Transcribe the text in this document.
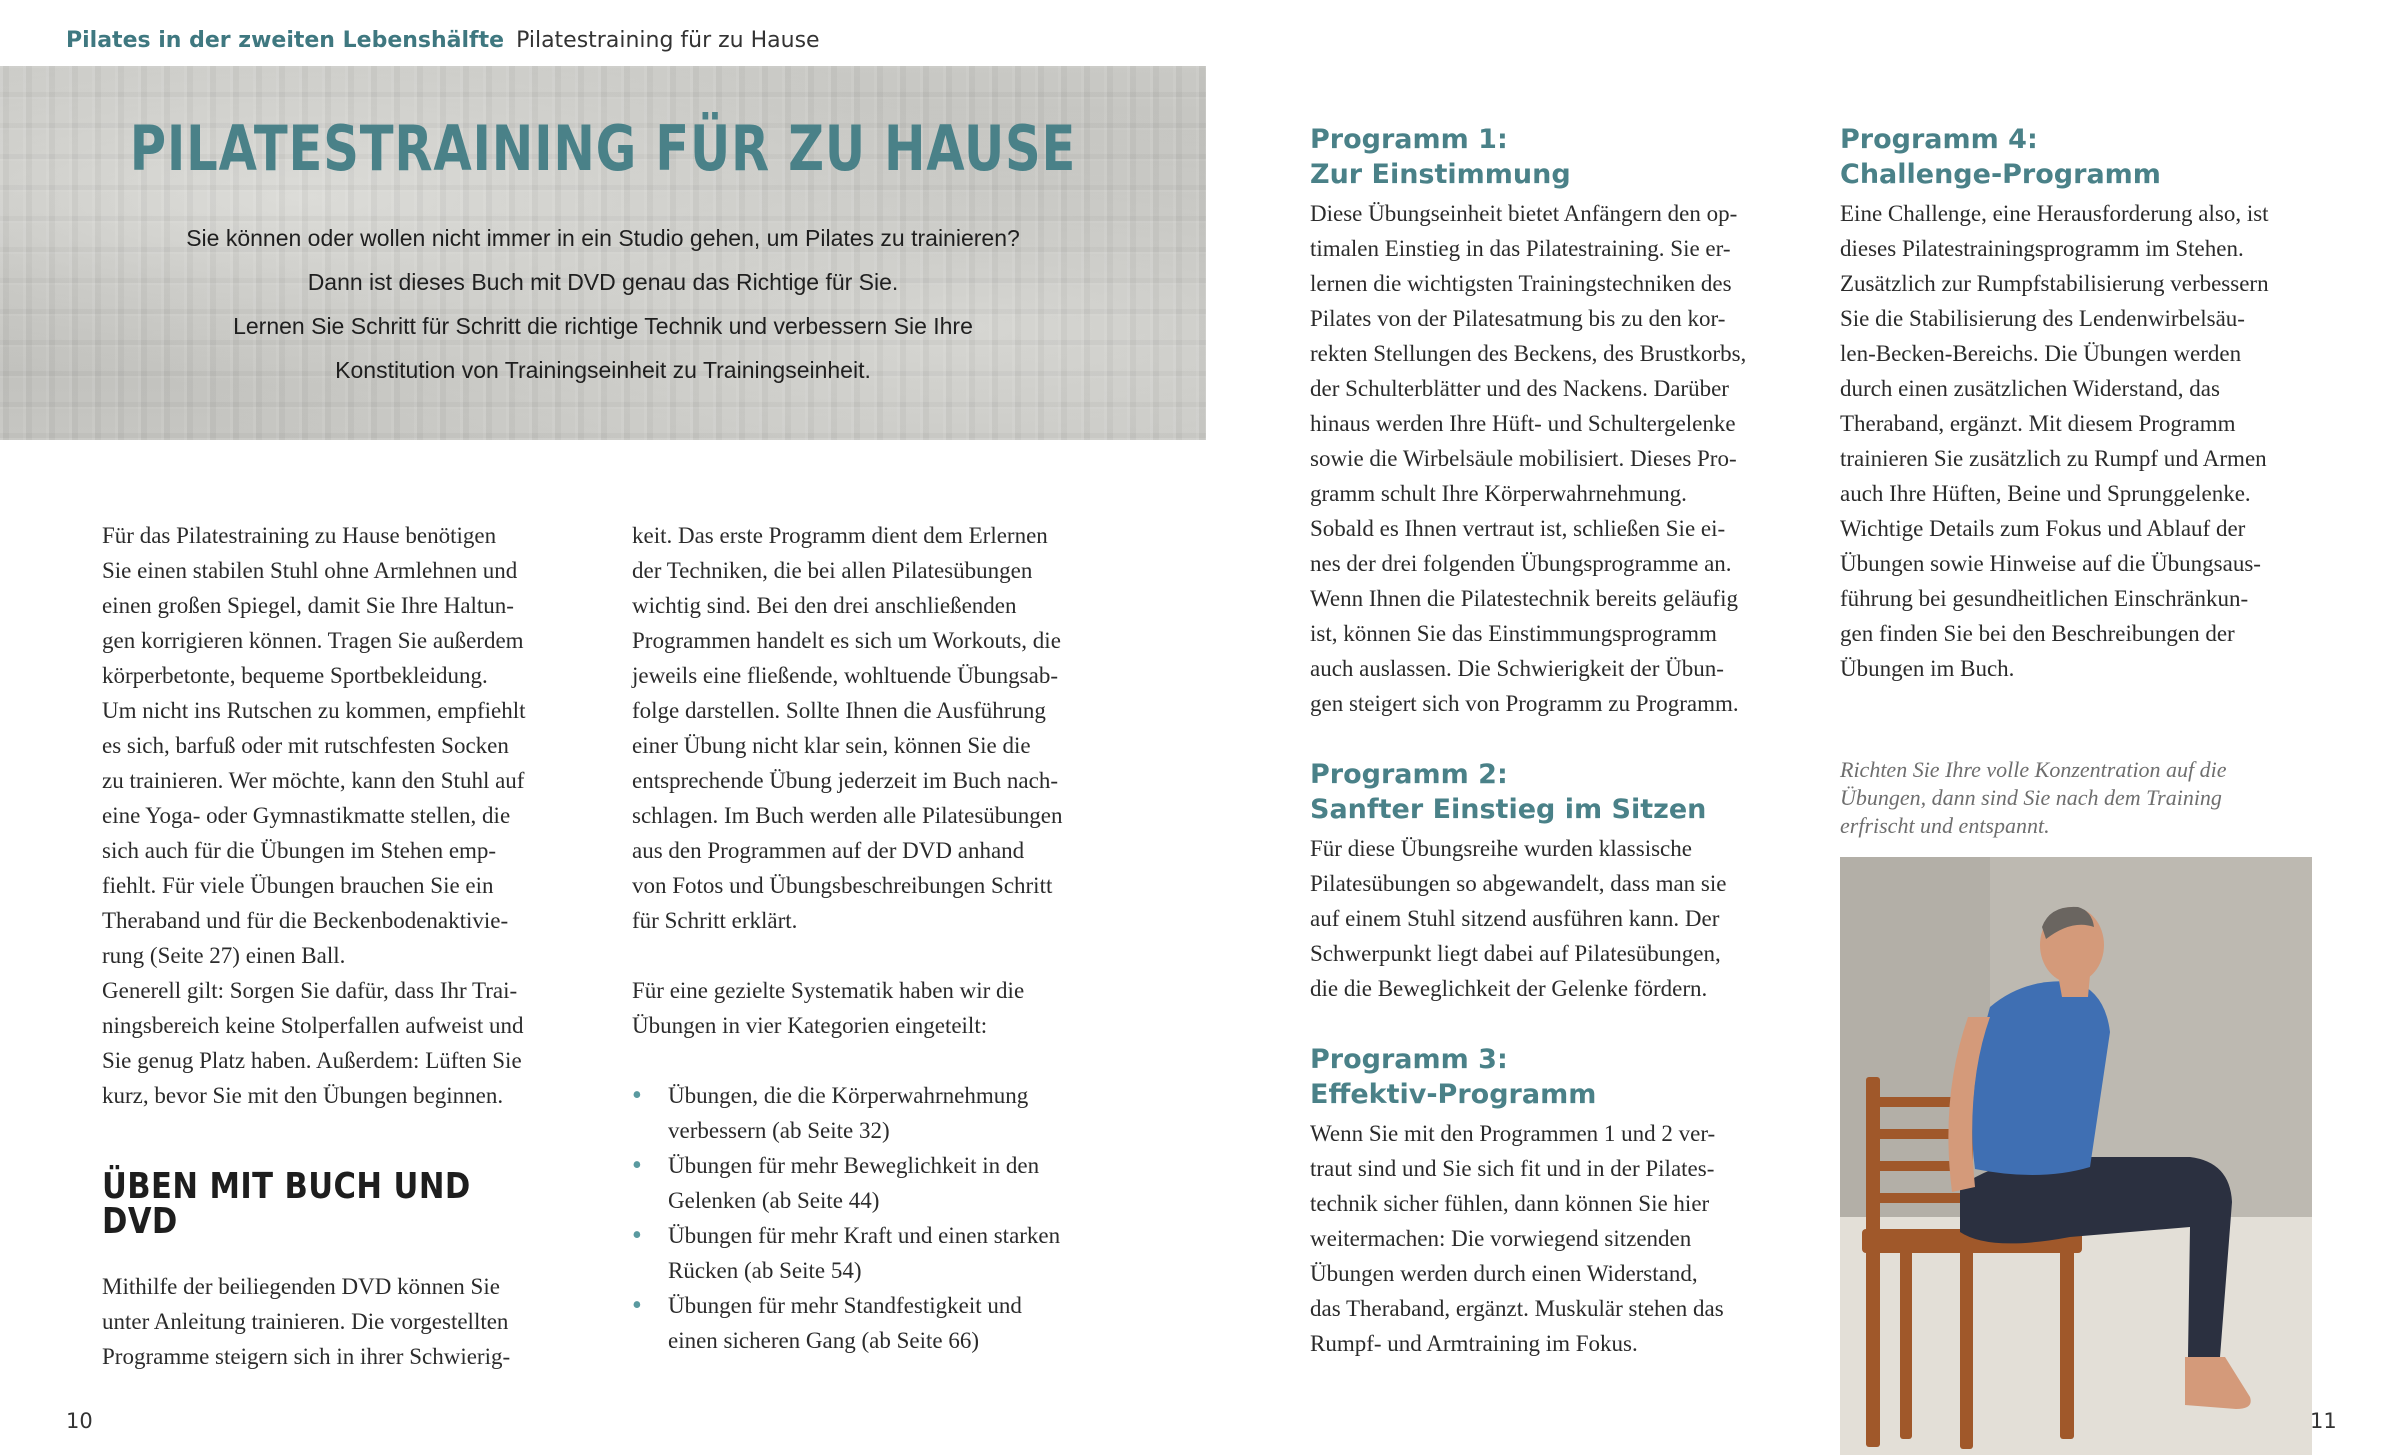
Pilates in der zweiten Lebenshälfte Pilatestraining für zu Hause
PILATESTRAINING FÜR ZU HAUSE
Sie können oder wollen nicht immer in ein Studio gehen, um Pilates zu trainieren?
Dann ist dieses Buch mit DVD genau das Richtige für Sie.
Lernen Sie Schritt für Schritt die richtige Technik und verbessern Sie Ihre
Konstitution von Trainingseinheit zu Trainingseinheit.

Für das Pilatestraining zu Hause benötigen

Sie einen stabilen Stuhl ohne Armlehnen und

einen großen Spiegel, damit Sie Ihre Haltun-

gen korrigieren können. Tragen Sie außerdem

körperbetonte, bequeme Sportbekleidung.

Um nicht ins Rutschen zu kommen, empfiehlt

es sich, barfuß oder mit rutschfesten Socken

zu trainieren. Wer möchte, kann den Stuhl auf

eine Yoga- oder Gymnastikmatte stellen, die

sich auch für die Übungen im Stehen emp-

fiehlt. Für viele Übungen brauchen Sie ein

Theraband und für die Beckenbodenaktivie-

rung (Seite 27) einen Ball.

Generell gilt: Sorgen Sie dafür, dass Ihr Trai-

ningsbereich keine Stolperfallen aufweist und

Sie genug Platz haben. Außerdem: Lüften Sie

kurz, bevor Sie mit den Übungen beginnen.

ÜBEN MIT BUCH UND DVD

Mithilfe der beiliegenden DVD können Sie

unter Anleitung trainieren. Die vorgestellten

Programme steigern sich in ihrer Schwierig-

keit. Das erste Programm dient dem Erlernen

der Techniken, die bei allen Pilatesübungen

wichtig sind. Bei den drei anschließenden

Programmen handelt es sich um Workouts, die

jeweils eine fließende, wohltuende Übungsab-

folge darstellen. Sollte Ihnen die Ausführung

einer Übung nicht klar sein, können Sie die

entsprechende Übung jederzeit im Buch nach-

schlagen. Im Buch werden alle Pilatesübungen

aus den Programmen auf der DVD anhand

von Fotos und Übungsbeschreibungen Schritt

für Schritt erklärt.

Für eine gezielte Systematik haben wir die

Übungen in vier Kategorien eingeteilt:

• Übungen, die die Körperwahrnehmung
verbessern (ab Seite 32)
• Übungen für mehr Beweglichkeit in den
Gelenken (ab Seite 44)
• Übungen für mehr Kraft und einen starken
Rücken (ab Seite 54)
• Übungen für mehr Standfestigkeit und
einen sicheren Gang (ab Seite 66)
Programm 1:
Zur Einstimmung

Diese Übungseinheit bietet Anfängern den op-

timalen Einstieg in das Pilatestraining. Sie er-

lernen die wichtigsten Trainingstechniken des

Pilates von der Pilatesatmung bis zu den kor-

rekten Stellungen des Beckens, des Brustkorbs,

der Schulterblätter und des Nackens. Darüber

hinaus werden Ihre Hüft- und Schultergelenke

sowie die Wirbelsäule mobilisiert. Dieses Pro-

gramm schult Ihre Körperwahrnehmung.

Sobald es Ihnen vertraut ist, schließen Sie ei-

nes der drei folgenden Übungsprogramme an.

Wenn Ihnen die Pilatestechnik bereits geläufig

ist, können Sie das Einstimmungsprogramm

auch auslassen. Die Schwierigkeit der Übun-

gen steigert sich von Programm zu Programm.

Programm 2:
Sanfter Einstieg im Sitzen

Für diese Übungsreihe wurden klassische

Pilatesübungen so abgewandelt, dass man sie

auf einem Stuhl sitzend ausführen kann. Der

Schwerpunkt liegt dabei auf Pilatesübungen,

die die Beweglichkeit der Gelenke fördern.

Programm 3:
Effektiv-Programm

Wenn Sie mit den Programmen 1 und 2 ver-

traut sind und Sie sich fit und in der Pilates-

technik sicher fühlen, dann können Sie hier

weitermachen: Die vorwiegend sitzenden

Übungen werden durch einen Widerstand,

das Theraband, ergänzt. Muskulär stehen das

Rumpf- und Armtraining im Fokus.

Programm 4:
Challenge-Programm

Eine Challenge, eine Herausforderung also, ist

dieses Pilatestrainingsprogramm im Stehen.

Zusätzlich zur Rumpfstabilisierung verbessern

Sie die Stabilisierung des Lendenwirbelsäu-

len-Becken-Bereichs. Die Übungen werden

durch einen zusätzlichen Widerstand, das

Theraband, ergänzt. Mit diesem Programm

trainieren Sie zusätzlich zu Rumpf und Armen

auch Ihre Hüften, Beine und Sprunggelenke.

Wichtige Details zum Fokus und Ablauf der

Übungen sowie Hinweise auf die Übungsaus-

führung bei gesundheitlichen Einschränkun-

gen finden Sie bei den Beschreibungen der

Übungen im Buch.

Richten Sie Ihre volle Konzentration auf die
Übungen, dann sind Sie nach dem Training
erfrischt und entspannt.
10	11
